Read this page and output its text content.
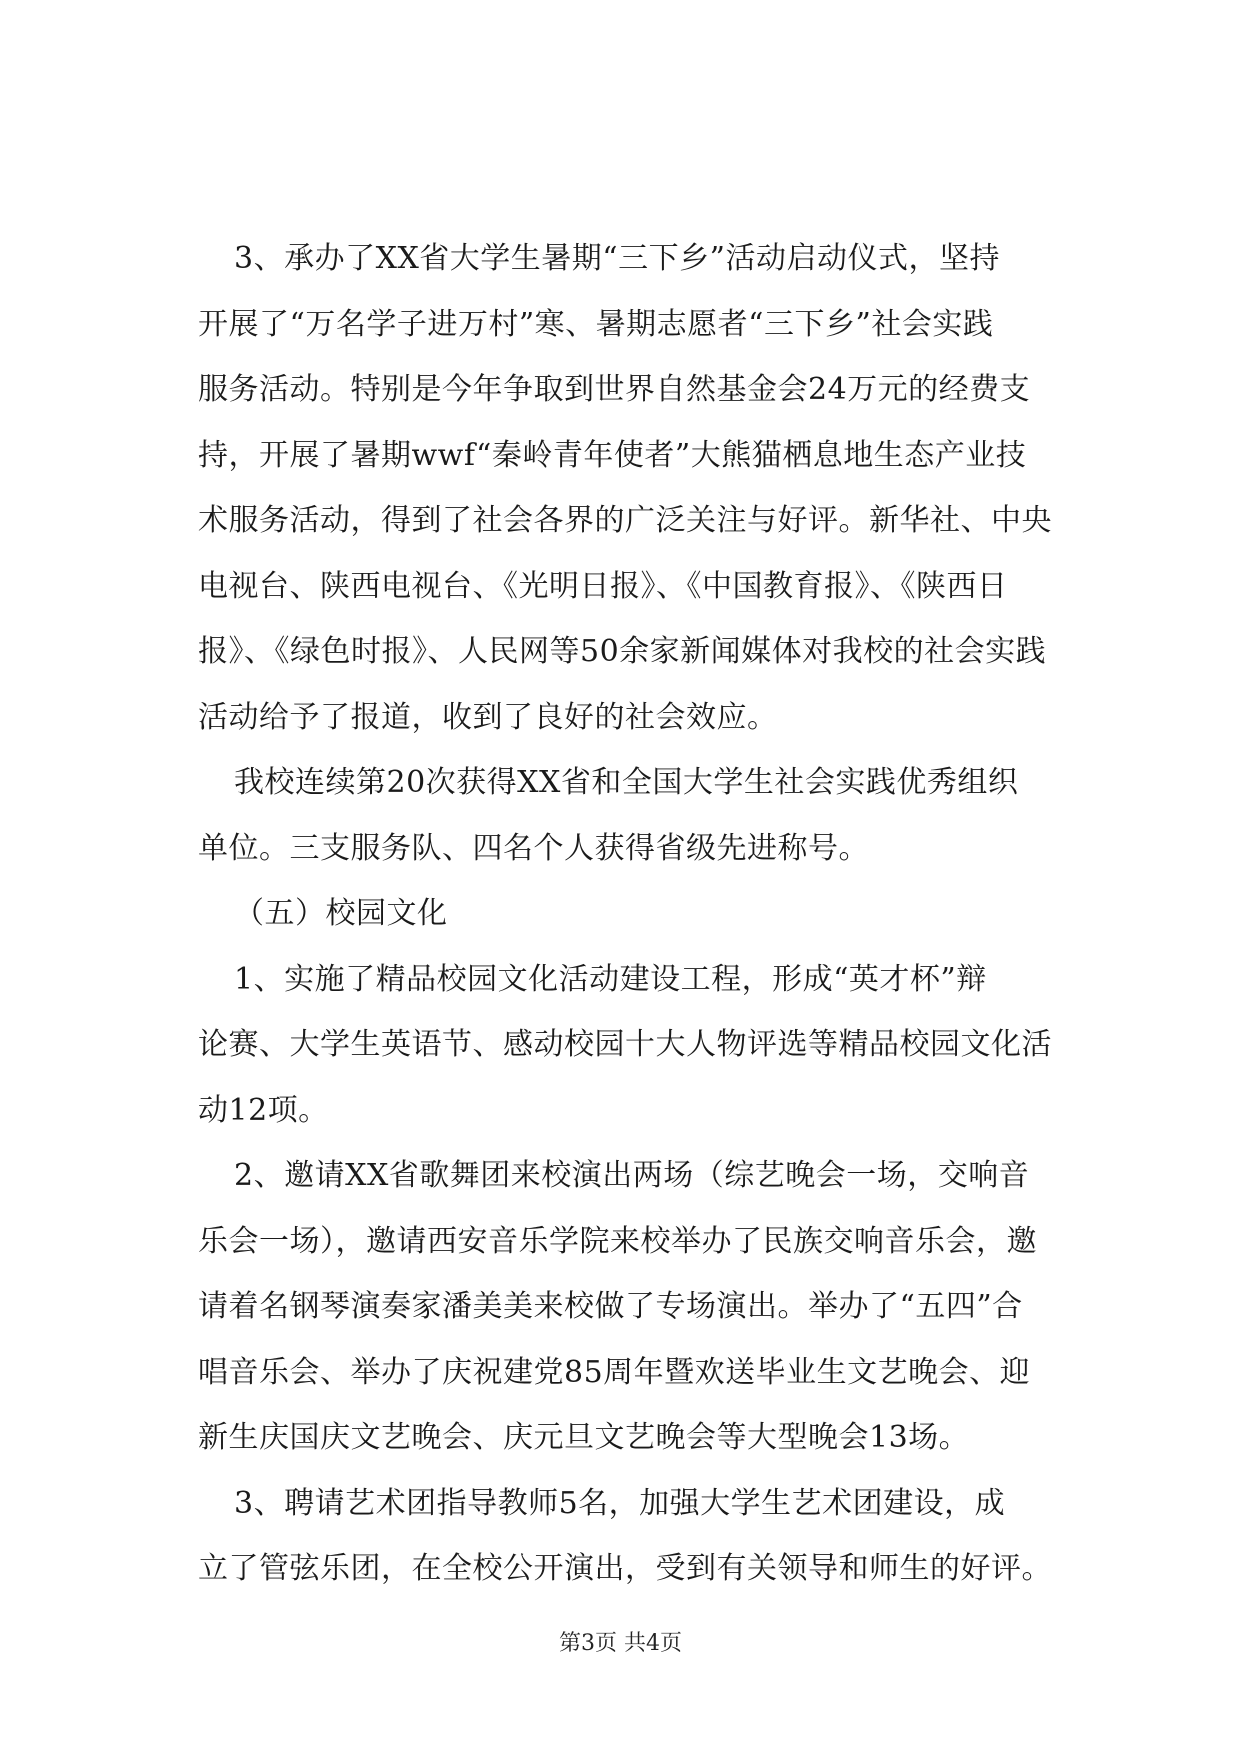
3、承办了XX省大学生暑期“三下乡”活动启动仪式，坚持
开展了“万名学子进万村”寒、暑期志愿者“三下乡”社会实践
服务活动。特别是今年争取到世界自然基金会24万元的经费支
持，开展了暑期wwf“秦岭青年使者”大熊猫栖息地生态产业技
术服务活动，得到了社会各界的广泛关注与好评。新华社、中央
电视台、陕西电视台、《光明日报》、《中国教育报》、《陕西日
报》、《绿色时报》、人民网等50余家新闻媒体对我校的社会实践
活动给予了报道，收到了良好的社会效应。

我校连续第20次获得XX省和全国大学生社会实践优秀组织
单位。三支服务队、四名个人获得省级先进称号。

（五）校园文化

1、实施了精品校园文化活动建设工程，形成“英才杯”辩
论赛、大学生英语节、感动校园十大人物评选等精品校园文化活
动12项。

2、邀请XX省歌舞团来校演出两场（综艺晚会一场，交响音
乐会一场），邀请西安音乐学院来校举办了民族交响音乐会，邀
请着名钢琴演奏家潘美美来校做了专场演出。举办了“五四”合
唱音乐会、举办了庆祝建党85周年暨欢送毕业生文艺晚会、迎
新生庆国庆文艺晚会、庆元旦文艺晚会等大型晚会13场。

3、聘请艺术团指导教师5名，加强大学生艺术团建设，成
立了管弦乐团，在全校公开演出，受到有关领导和师生的好评。

第3页 共4页
